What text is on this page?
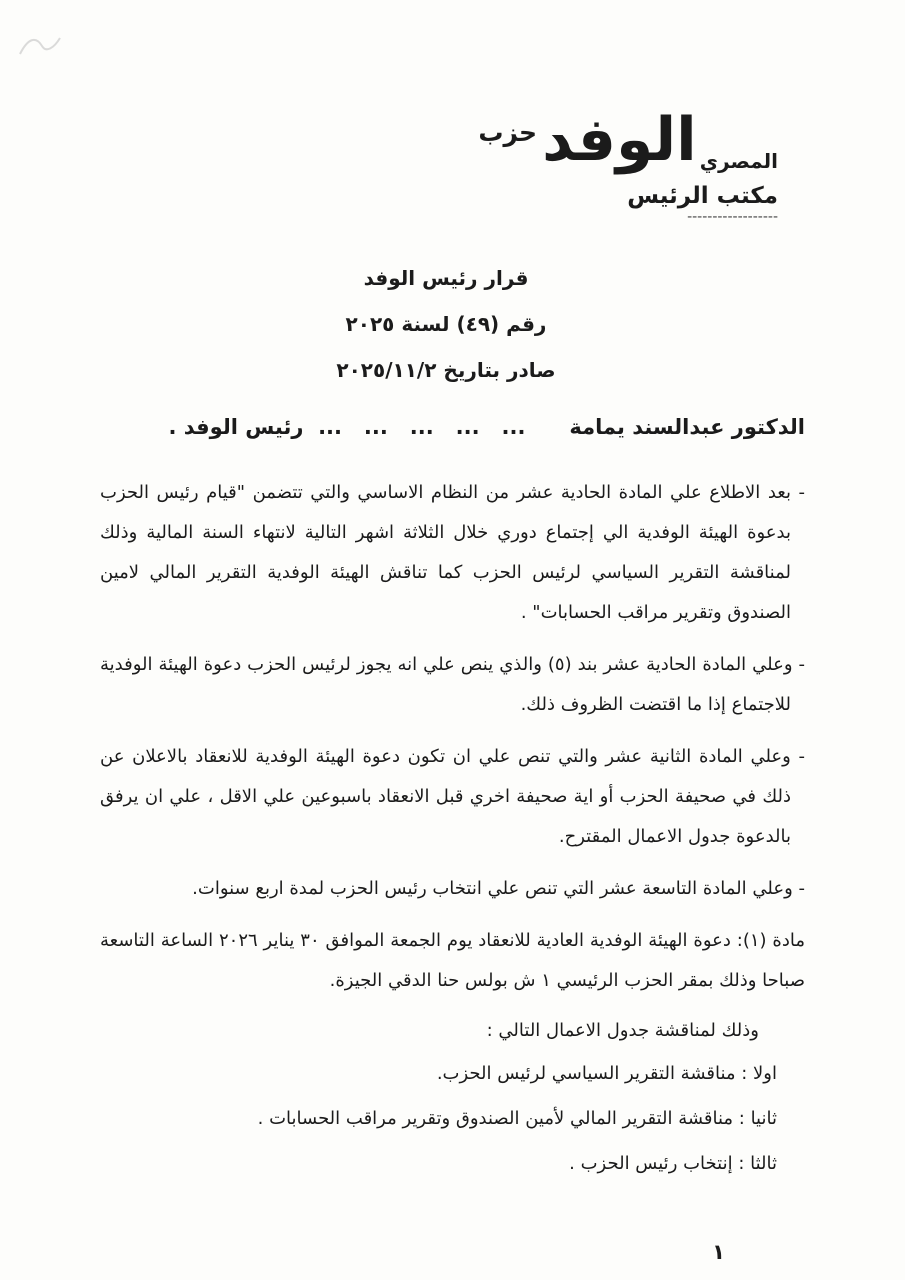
حزب الوفد المصري
مكتب الرئيس
------------------
قرار رئيس الوفد
رقم (٤٩) لسنة ٢٠٢٥
صادر بتاريخ ٢٠٢٥/١١/٢
الدكتور عبدالسند يمامة      ...   ...   ...   ...   ...  رئيس الوفد .

- بعد الاطلاع علي المادة الحادية عشر من النظام الاساسي والتي تتضمن "قيام رئيس الحزب بدعوة الهيئة الوفدية الي إجتماع دوري خلال الثلاثة اشهر التالية لانتهاء السنة المالية وذلك لمناقشة التقرير السياسي لرئيس الحزب كما تناقش الهيئة الوفدية التقرير المالي لامين الصندوق وتقرير مراقب الحسابات" .

- وعلي المادة الحادية عشر بند (٥) والذي ينص علي انه يجوز لرئيس الحزب دعوة الهيئة الوفدية للاجتماع إذا ما اقتضت الظروف ذلك.

- وعلي المادة الثانية عشر والتي تنص علي ان تكون دعوة الهيئة الوفدية للانعقاد بالاعلان عن ذلك في صحيفة الحزب أو اية صحيفة اخري قبل الانعقاد باسبوعين علي الاقل ، علي ان يرفق بالدعوة جدول الاعمال المقترح.

- وعلي المادة التاسعة عشر التي تنص علي انتخاب رئيس الحزب لمدة اربع سنوات.

مادة (١): دعوة الهيئة الوفدية العادية للانعقاد يوم الجمعة الموافق ٣٠ يناير ٢٠٢٦ الساعة التاسعة صباحا وذلك بمقر الحزب الرئيسي ١ ش بولس حنا الدقي الجيزة.

وذلك لمناقشة جدول الاعمال التالي :
اولا : مناقشة التقرير السياسي لرئيس الحزب.
ثانيا : مناقشة التقرير المالي لأمين الصندوق وتقرير مراقب الحسابات .
ثالثا : إنتخاب رئيس الحزب .
١
